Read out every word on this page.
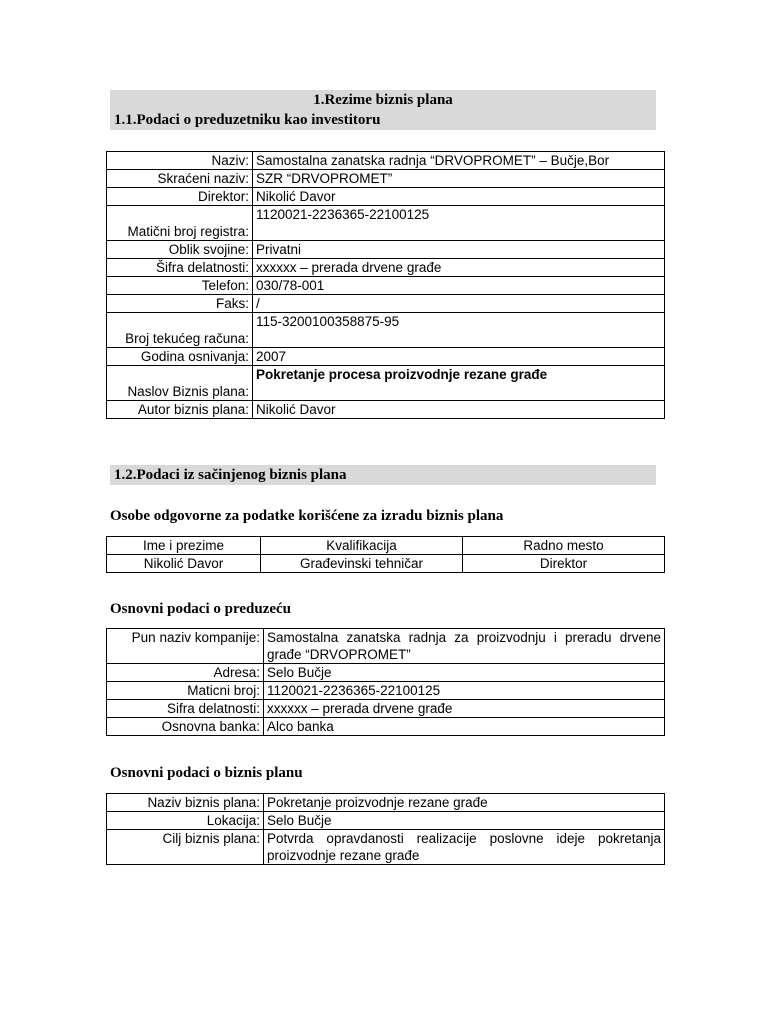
1.Rezime biznis plana
1.1.Podaci o preduzetniku kao investitoru
Naziv:	Samostalna zanatska radnja “DRVOPROMET” – Bučje,Bor
Skraćeni naziv:	SZR “DRVOPROMET”
Direktor:	Nikolić Davor
Matični broj registra:	1120021-2236365-22100125
Oblik svojine:	Privatni
Šifra delatnosti:	xxxxxx – prerada drvene građe
Telefon:	030/78-001
Faks:	/
Broj tekućeg računa:	115-3200100358875-95
Godina osnivanja:	2007
Naslov Biznis plana:	Pokretanje procesa proizvodnje rezane građe
Autor biznis plana:	Nikolić Davor
1.2.Podaci iz sačinjenog biznis plana
Osobe odgovorne za podatke korišćene za izradu biznis plana
Ime i prezime	Kvalifikacija	Radno mesto
Nikolić Davor	Građevinski tehničar	Direktor
Osnovni podaci o preduzeću
Pun naziv kompanije:	Samostalna zanatska radnja za proizvodnju i preradu drvene građe “DRVOPROMET”
Adresa:	Selo Bučje
Maticni broj:	1120021-2236365-22100125
Sifra delatnosti:	xxxxxx – prerada drvene građe
Osnovna banka:	Alco banka
Osnovni podaci o biznis planu
Naziv biznis plana:	Pokretanje proizvodnje rezane građe
Lokacija:	Selo Bučje
Cilj biznis plana:	Potvrda opravdanosti realizacije poslovne ideje pokretanja proizvodnje rezane građe
